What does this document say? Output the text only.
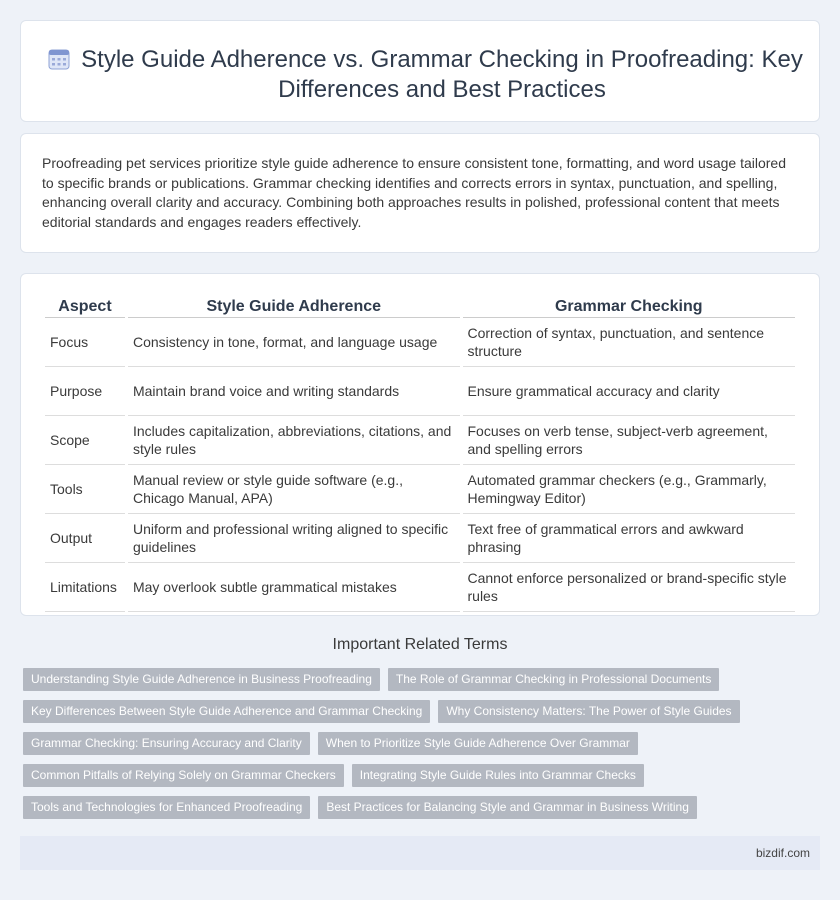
Style Guide Adherence vs. Grammar Checking in Proofreading: Key Differences and Best Practices

Proofreading pet services prioritize style guide adherence to ensure consistent tone, formatting, and word usage tailored to specific brands or publications. Grammar checking identifies and corrects errors in syntax, punctuation, and spelling, enhancing overall clarity and accuracy. Combining both approaches results in polished, professional content that meets editorial standards and engages readers effectively.

Aspect	Style Guide Adherence	Grammar Checking
Focus	Consistency in tone, format, and language usage	Correction of syntax, punctuation, and sentence structure
Purpose	Maintain brand voice and writing standards	Ensure grammatical accuracy and clarity
Scope	Includes capitalization, abbreviations, citations, and style rules	Focuses on verb tense, subject-verb agreement, and spelling errors
Tools	Manual review or style guide software (e.g., Chicago Manual, APA)	Automated grammar checkers (e.g., Grammarly, Hemingway Editor)
Output	Uniform and professional writing aligned to specific guidelines	Text free of grammatical errors and awkward phrasing
Limitations	May overlook subtle grammatical mistakes	Cannot enforce personalized or brand-specific style rules
Important Related Terms
Understanding Style Guide Adherence in Business Proofreading	The Role of Grammar Checking in Professional Documents
Key Differences Between Style Guide Adherence and Grammar Checking	Why Consistency Matters: The Power of Style Guides
Grammar Checking: Ensuring Accuracy and Clarity	When to Prioritize Style Guide Adherence Over Grammar
Common Pitfalls of Relying Solely on Grammar Checkers	Integrating Style Guide Rules into Grammar Checks
Tools and Technologies for Enhanced Proofreading	Best Practices for Balancing Style and Grammar in Business Writing
bizdif.com
